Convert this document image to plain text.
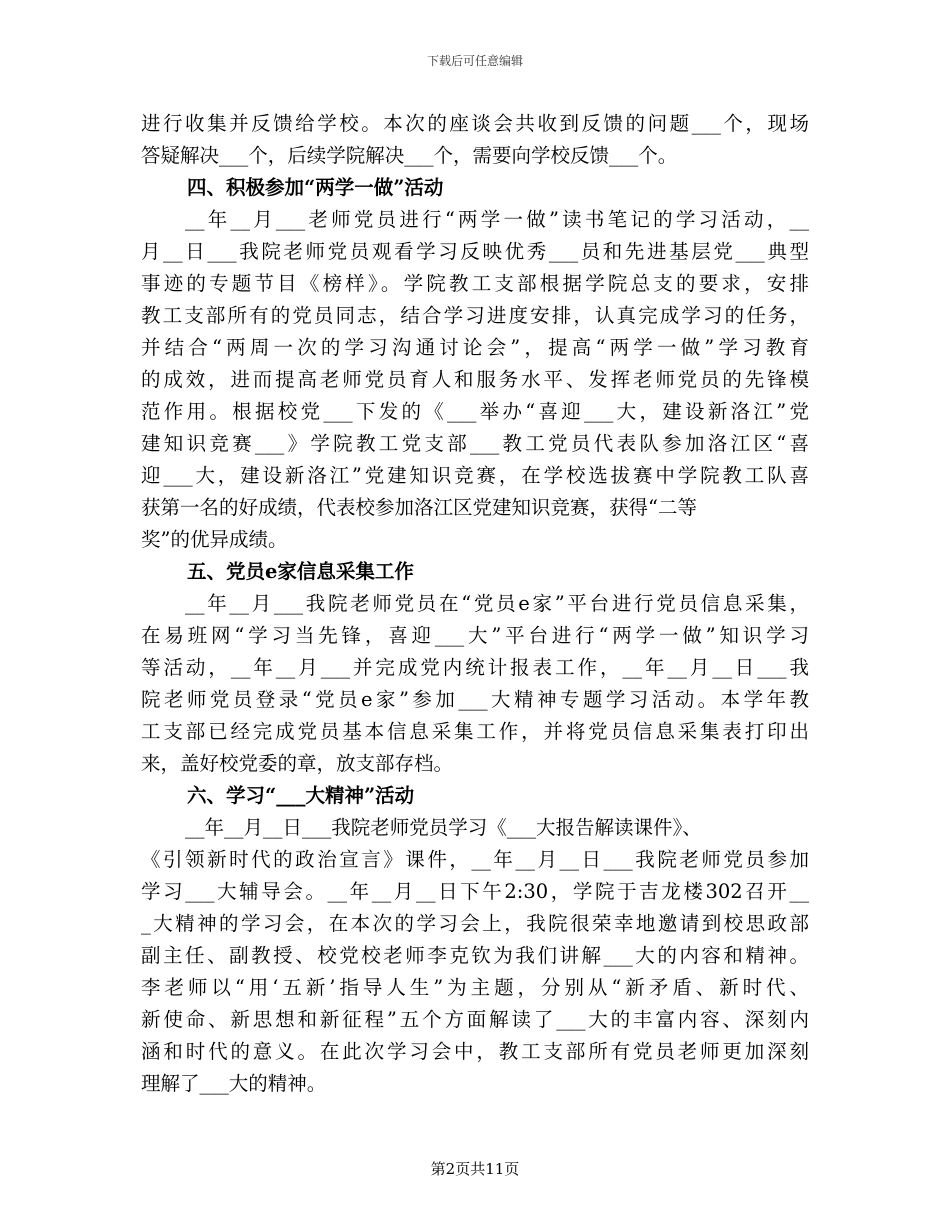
下载后可任意编辑
进行收集并反馈给学校。本次的座谈会共收到反馈的问题___个，现场
答疑解决___个，后续学院解决___个，需要向学校反馈___个。
四、积极参加“两学一做”活动
__年__月___老师党员进行“两学一做”读书笔记的学习活动，__
月__日___我院老师党员观看学习反映优秀___员和先进基层党___典型
事迹的专题节目《榜样》。学院教工支部根据学院总支的要求，安排
教工支部所有的党员同志，结合学习进度安排，认真完成学习的任务，
并结合“两周一次的学习沟通讨论会”，提高“两学一做”学习教育
的成效，进而提高老师党员育人和服务水平、发挥老师党员的先锋模
范作用。根据校党___下发的《___举办“喜迎___大，建设新洛江”党
建知识竞赛___》学院教工党支部___教工党员代表队参加洛江区“喜
迎___大，建设新洛江”党建知识竞赛，在学校选拔赛中学院教工队喜
获第一名的好成绩，代表校参加洛江区党建知识竞赛，获得“二等
奖”的优异成绩。
五、党员e家信息采集工作
__年__月___我院老师党员在“党员e家”平台进行党员信息采集，
在易班网“学习当先锋，喜迎___大”平台进行“两学一做”知识学习
等活动，__年__月___并完成党内统计报表工作，__年__月__日___我
院老师党员登录“党员e家”参加___大精神专题学习活动。本学年教
工支部已经完成党员基本信息采集工作，并将党员信息采集表打印出
来，盖好校党委的章，放支部存档。
六、学习“___大精神”活动
__年__月__日___我院老师党员学习《___大报告解读课件》、
《引领新时代的政治宣言》课件，__年__月__日___我院老师党员参加
学习___大辅导会。__年__月__日下午2:30，学院于吉龙楼302召开__
_大精神的学习会，在本次的学习会上，我院很荣幸地邀请到校思政部
副主任、副教授、校党校老师李克钦为我们讲解___大的内容和精神。
李老师以“用‘五新’指导人生”为主题，分别从“新矛盾、新时代、
新使命、新思想和新征程”五个方面解读了___大的丰富内容、深刻内
涵和时代的意义。在此次学习会中，教工支部所有党员老师更加深刻
理解了___大的精神。
第2页共11页
